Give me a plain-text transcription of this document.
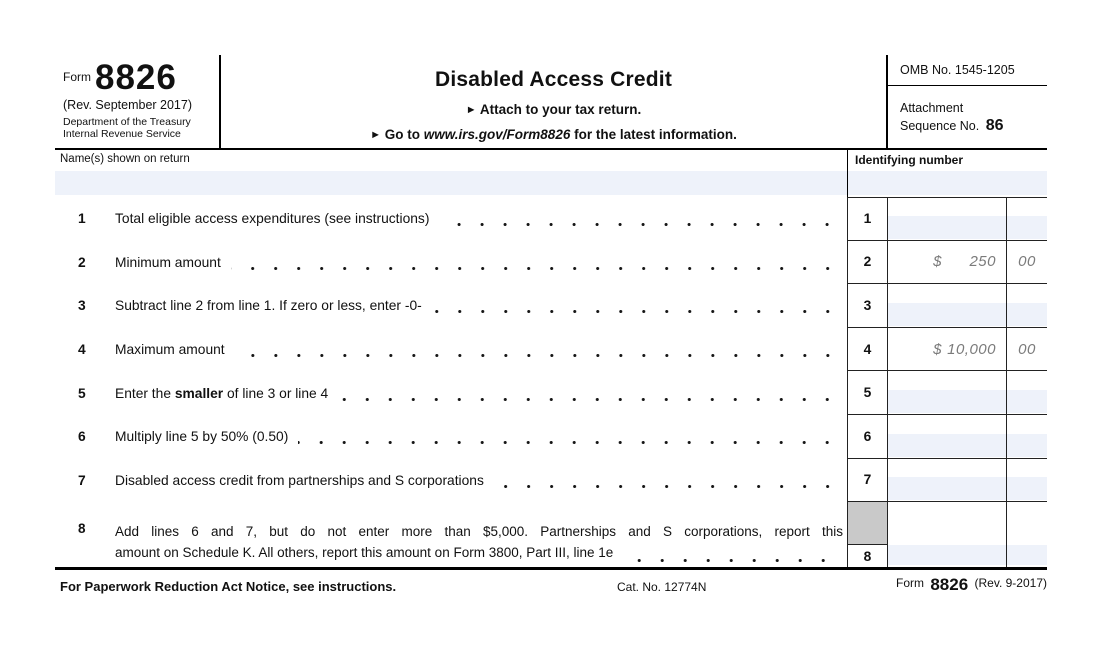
Form 8826
(Rev. September 2017)
Department of the Treasury
Internal Revenue Service
Disabled Access Credit
► Attach to your tax return.
► Go to www.irs.gov/Form8826 for the latest information.
OMB No. 1545-1205
Attachment
Sequence No. 86
Name(s) shown on return	Identifying number
1	Total eligible access expenditures (see instructions)	1
2	Minimum amount	2	$	250	00
3	Subtract line 2 from line 1. If zero or less, enter -0-	3
4	Maximum amount	4	$ 10,000	00
5	Enter the smaller of line 3 or line 4	5
6	Multiply line 5 by 50% (0.50)	6
7	Disabled access credit from partnerships and S corporations	7
8	Add lines 6 and 7, but do not enter more than $5,000. Partnerships and S corporations, report this
amount on Schedule K. All others, report this amount on Form 3800, Part III, line 1e	8
For Paperwork Reduction Act Notice, see instructions.	Cat. No. 12774N	Form 8826 (Rev. 9-2017)
